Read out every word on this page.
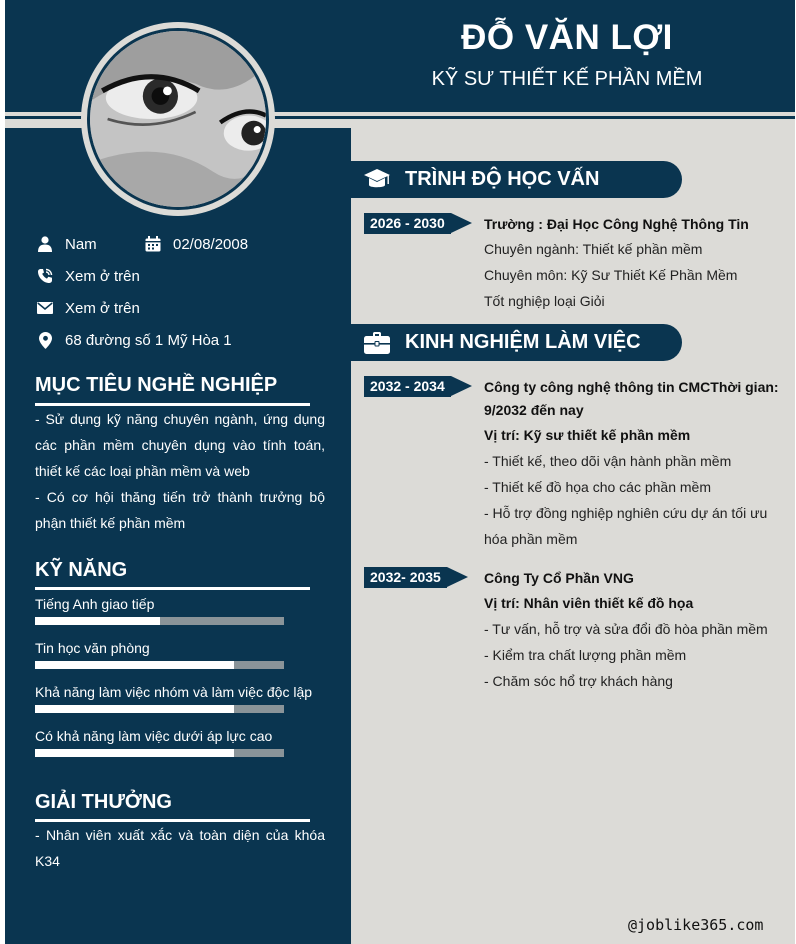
ĐỖ VĂN LỢI
KỸ SƯ THIẾT KẾ PHẦN MỀM
Nam	02/08/2008
Xem ở trên
Xem ở trên
68 đường số 1 Mỹ Hòa 1
MỤC TIÊU NGHỀ NGHIỆP
- Sử dụng kỹ năng chuyên ngành, ứng dụng các phần mềm chuyên dụng vào tính toán, thiết kế các loại phần mềm và web
- Có cơ hội thăng tiến trở thành trưởng bộ phận thiết kế phần mềm
KỸ NĂNG
Tiếng Anh giao tiếp
Tin học văn phòng
Khả năng làm việc nhóm và làm việc độc lập
Có khả năng làm việc dưới áp lực cao
GIẢI THƯỞNG
- Nhân viên xuất xắc và toàn diện của khóa K34
TRÌNH ĐỘ HỌC VẤN
2026 - 2030	Trường : Đại Học Công Nghệ Thông Tin
Chuyên ngành: Thiết kế phần mềm
Chuyên môn: Kỹ Sư Thiết Kế Phần Mềm
Tốt nghiệp loại Giỏi
KINH NGHIỆM LÀM VIỆC
2032 - 2034	Công ty công nghệ thông tin CMCThời gian:
9/2032 đến nay
Vị trí: Kỹ sư thiết kế phần mềm
- Thiết kế, theo dõi vận hành phần mềm
- Thiết kế đồ họa cho các phần mềm
- Hỗ trợ đồng nghiệp nghiên cứu dự án tối ưu
hóa phần mềm
2032- 2035	Công Ty Cổ Phần VNG
Vị trí: Nhân viên thiết kế đồ họa
- Tư vấn, hỗ trợ và sửa đổi đồ hòa phần mềm
- Kiểm tra chất lượng phần mềm
- Chăm sóc hổ trợ khách hàng
@joblike365.com
